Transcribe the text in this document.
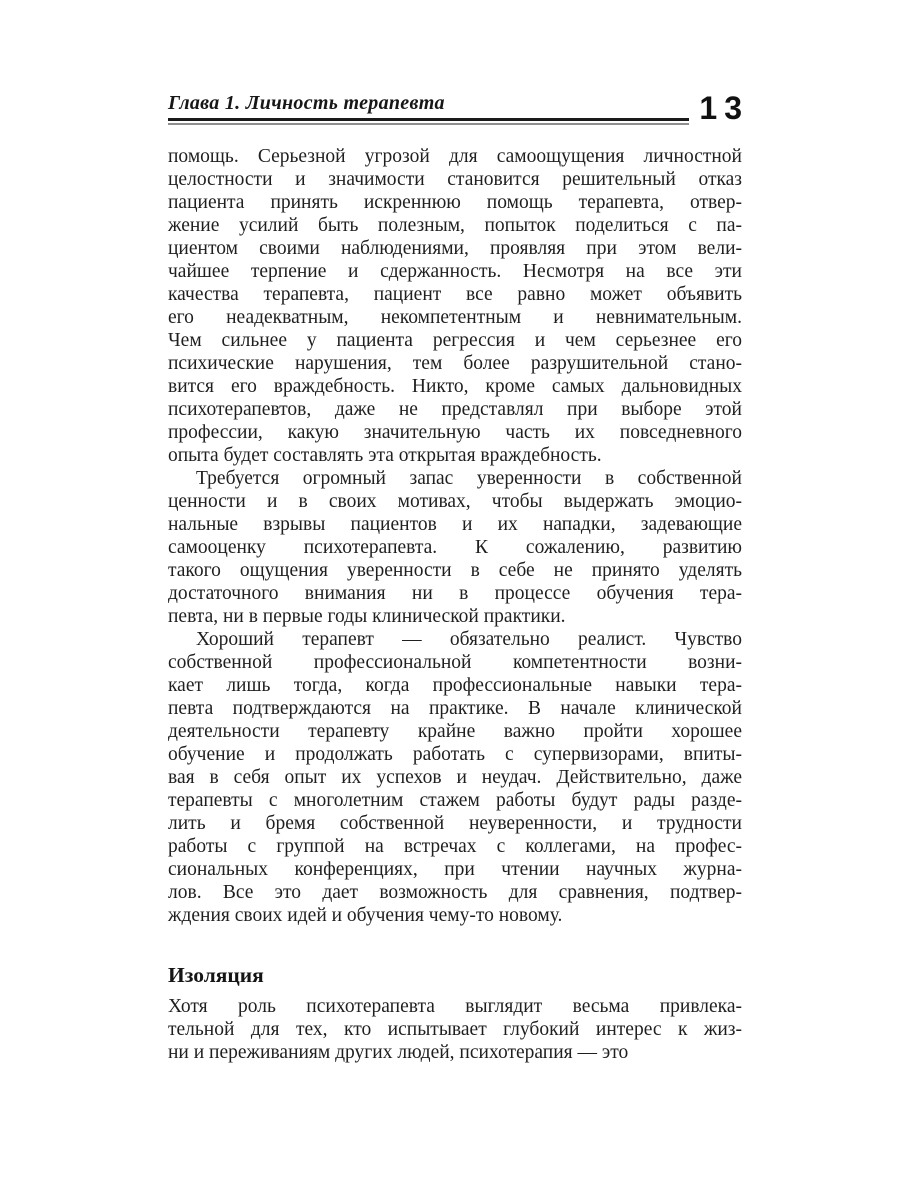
Глава 1. Личность терапевта	13
помощь. Серьезной угрозой для самоощущения личностной
целостности и значимости становится решительный отказ
пациента принять искреннюю помощь терапевта, отвер-
жение усилий быть полезным, попыток поделиться с па-
циентом своими наблюдениями, проявляя при этом вели-
чайшее терпение и сдержанность. Несмотря на все эти
качества терапевта, пациент все равно может объявить
его неадекватным, некомпетентным и невнимательным.
Чем сильнее у пациента регрессия и чем серьезнее его
психические нарушения, тем более разрушительной стано-
вится его враждебность. Никто, кроме самых дальновидных
психотерапевтов, даже не представлял при выборе этой
профессии, какую значительную часть их повседневного
опыта будет составлять эта открытая враждебность.
Требуется огромный запас уверенности в собственной
ценности и в своих мотивах, чтобы выдержать эмоцио-
нальные взрывы пациентов и их нападки, задевающие
самооценку психотерапевта. К сожалению, развитию
такого ощущения уверенности в себе не принято уделять
достаточного внимания ни в процессе обучения тера-
певта, ни в первые годы клинической практики.
Хороший терапевт — обязательно реалист. Чувство
собственной профессиональной компетентности возни-
кает лишь тогда, когда профессиональные навыки тера-
певта подтверждаются на практике. В начале клинической
деятельности терапевту крайне важно пройти хорошее
обучение и продолжать работать с супервизорами, впиты-
вая в себя опыт их успехов и неудач. Действительно, даже
терапевты с многолетним стажем работы будут рады разде-
лить и бремя собственной неуверенности, и трудности
работы с группой на встречах с коллегами, на профес-
сиональных конференциях, при чтении научных журна-
лов. Все это дает возможность для сравнения, подтвер-
ждения своих идей и обучения чему-то новому.
Изоляция
Хотя роль психотерапевта выглядит весьма привлека-
тельной для тех, кто испытывает глубокий интерес к жиз-
ни и переживаниям других людей, психотерапия — это
